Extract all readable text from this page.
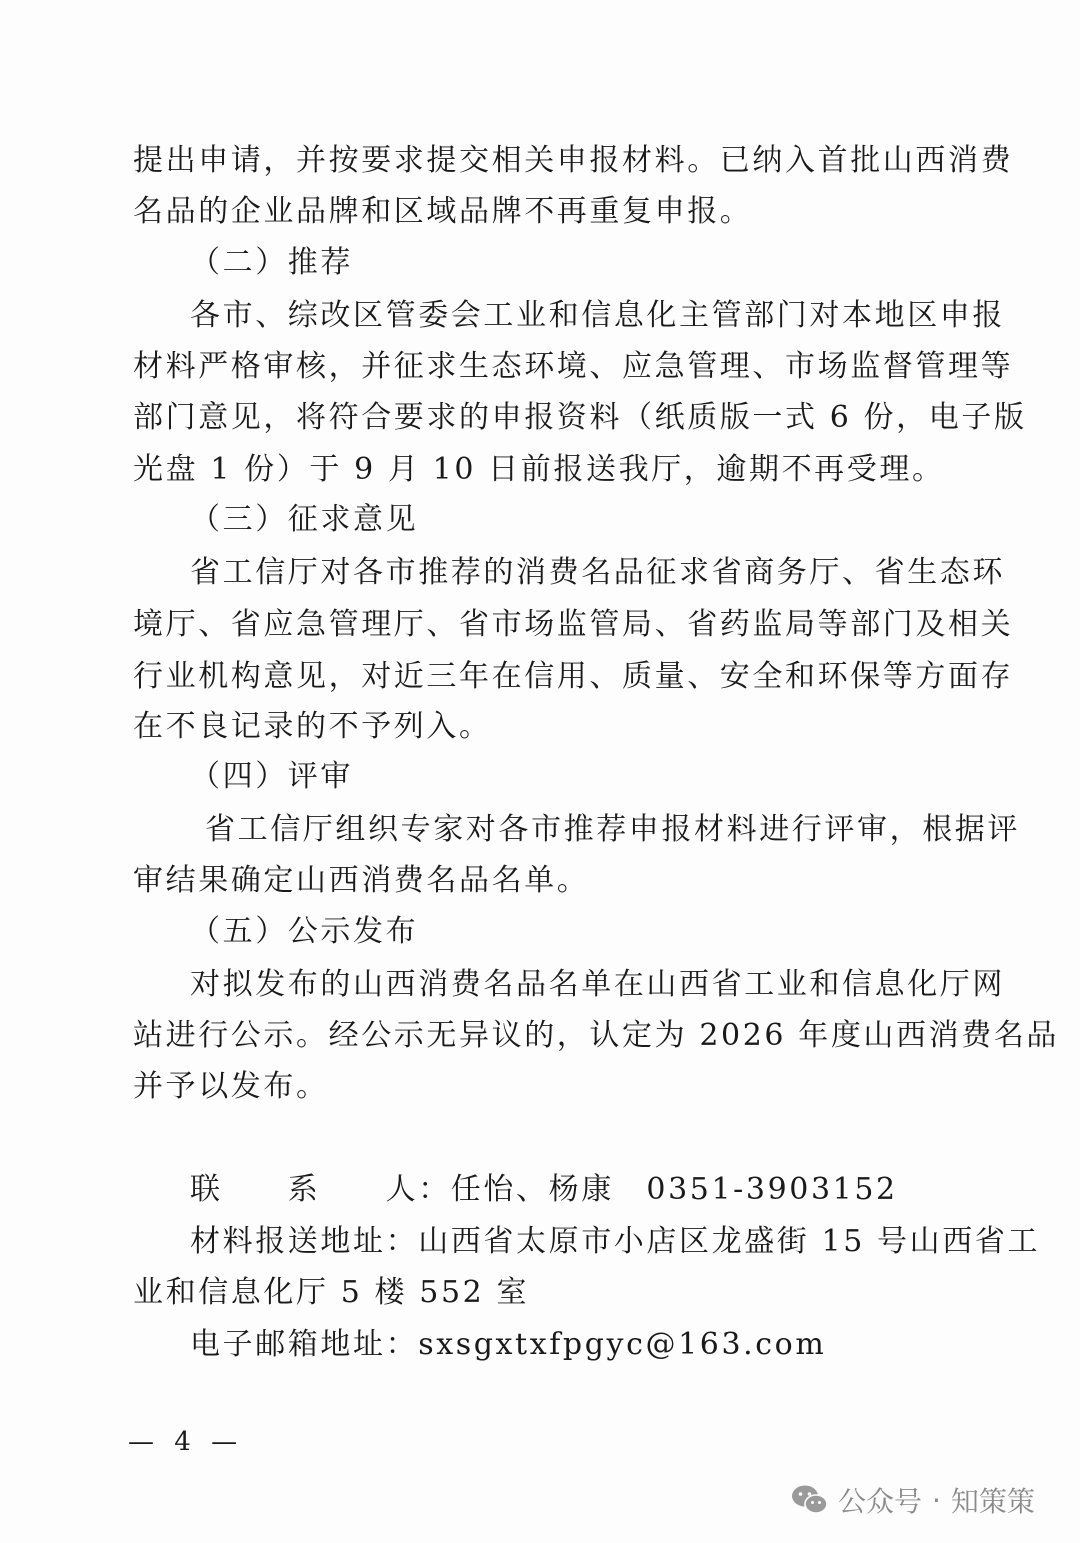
提出申请，并按要求提交相关申报材料。已纳入首批山西消费
名品的企业品牌和区域品牌不再重复申报。
（二）推荐
各市、综改区管委会工业和信息化主管部门对本地区申报
材料严格审核，并征求生态环境、应急管理、市场监督管理等
部门意见，将符合要求的申报资料（纸质版一式 6 份，电子版
光盘 1 份）于 9 月 10 日前报送我厅，逾期不再受理。
（三）征求意见
省工信厅对各市推荐的消费名品征求省商务厅、省生态环
境厅、省应急管理厅、省市场监管局、省药监局等部门及相关
行业机构意见，对近三年在信用、质量、安全和环保等方面存
在不良记录的不予列入。
（四）评审
省工信厅组织专家对各市推荐申报材料进行评审，根据评
审结果确定山西消费名品名单。
（五）公示发布
对拟发布的山西消费名品名单在山西省工业和信息化厅网
站进行公示。经公示无异议的，认定为 2026 年度山西消费名品
并予以发布。
联　　系　　人：任怡、杨康　0351-3903152
材料报送地址：山西省太原市小店区龙盛街 15 号山西省工
业和信息化厅 5 楼 552 室
电子邮箱地址：sxsgxtxfpgyc@163.com
— 4 —
公众号 · 知策策
